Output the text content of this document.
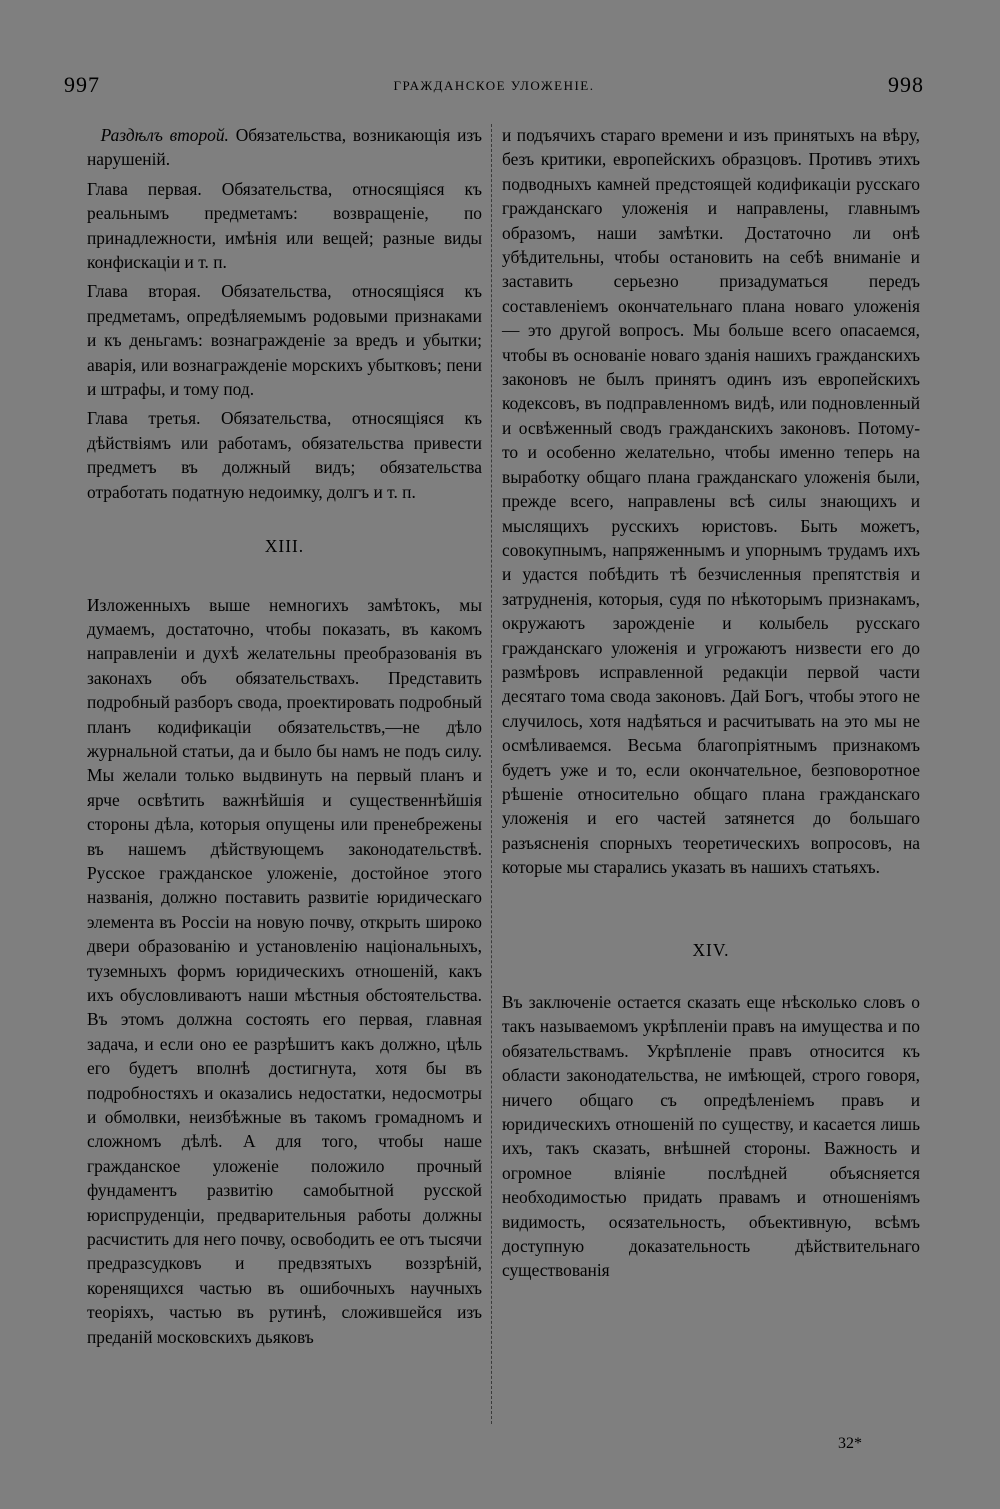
997	ГРАЖДАНСКОЕ УЛОЖЕНІЕ.	998

Раздѣлъ второй. Обязательства, возникающія изъ нарушеній.

Глава первая. Обязательства, относящіяся къ реальнымъ предметамъ: возвращеніе, по принадлежности, имѣнія или вещей; разные виды конфискаціи и т. п.

Глава вторая. Обязательства, относящіяся къ предметамъ, опредѣляемымъ родовыми признаками и къ деньгамъ: вознагражденіе за вредъ и убытки; аварія, или вознагражденіе морскихъ убытковъ; пени и штрафы, и тому под.

Глава третья. Обязательства, относящіяся къ дѣйствіямъ или работамъ, обязательства привести предметъ въ должный видъ; обязательства отработать податную недоимку, долгъ и т. п.

XIII.

Изложенныхъ выше немногихъ замѣтокъ, мы думаемъ, достаточно, чтобы показать, въ какомъ направленіи и духѣ желательны преобразованія въ законахъ объ обязательствахъ. Представить подробный разборъ свода, проектировать подробный планъ кодификаціи обязательствъ,—не дѣло журнальной статьи, да и было бы намъ не подъ силу. Мы желали только выдвинуть на первый планъ и ярче освѣтить важнѣйшія и существеннѣйшія стороны дѣла, которыя опущены или пренебрежены въ нашемъ дѣйствующемъ законодательствѣ. Русское гражданское уложеніе, достойное этого названія, должно поставить развитіе юридическаго элемента въ Россіи на новую почву, открыть широко двери образованію и установленію національныхъ, туземныхъ формъ юридическихъ отношеній, какъ ихъ обусловливаютъ наши мѣстныя обстоятельства. Въ этомъ должна состоять его первая, главная задача, и если оно ее разрѣшитъ какъ должно, цѣль его будетъ вполнѣ достигнута, хотя бы въ подробностяхъ и оказались недостатки, недосмотры и обмолвки, неизбѣжные въ такомъ громадномъ и сложномъ дѣлѣ. А для того, чтобы наше гражданское уложеніе положило прочный фундаментъ развитію самобытной русской юриспруденціи, предварительныя работы должны расчистить для него почву, освободить ее отъ тысячи предразсудковъ и предвзятыхъ воззрѣній, коренящихся частью въ ошибочныхъ научныхъ теоріяхъ, частью въ рутинѣ, сложившейся изъ преданій московскихъ дьяковъ

и подъячихъ стараго времени и изъ принятыхъ на вѣру, безъ критики, европейскихъ образцовъ. Противъ этихъ подводныхъ камней предстоящей кодификаціи русскаго гражданскаго уложенія и направлены, главнымъ образомъ, наши замѣтки. Достаточно ли онѣ убѣдительны, чтобы остановить на себѣ вниманіе и заставить серьезно призадуматься передъ составленіемъ окончательнаго плана новаго уложенія — это другой вопросъ. Мы больше всего опасаемся, чтобы въ основаніе новаго зданія нашихъ гражданскихъ законовъ не былъ принятъ одинъ изъ европейскихъ кодексовъ, въ подправленномъ видѣ, или подновленный и освѣженный сводъ гражданскихъ законовъ. Потому-то и особенно желательно, чтобы именно теперь на выработку общаго плана гражданскаго уложенія были, прежде всего, направлены всѣ силы знающихъ и мыслящихъ русскихъ юристовъ. Быть можетъ, совокупнымъ, напряженнымъ и упорнымъ трудамъ ихъ и удастся побѣдить тѣ безчисленныя препятствія и затрудненія, которыя, судя по нѣкоторымъ признакамъ, окружаютъ зарожденіе и колыбель русскаго гражданскаго уложенія и угрожаютъ низвести его до размѣровъ исправленной редакціи первой части десятаго тома свода законовъ. Дай Богъ, чтобы этого не случилось, хотя надѣяться и расчитывать на это мы не осмѣливаемся. Весьма благопріятнымъ признакомъ будетъ уже и то, если окончательное, безповоротное рѣшеніе относительно общаго плана гражданскаго уложенія и его частей затянется до большаго разъясненія спорныхъ теоретическихъ вопросовъ, на которые мы старались указать въ нашихъ статьяхъ.

XIV.

Въ заключеніе остается сказать еще нѣсколько словъ о такъ называемомъ укрѣпленіи правъ на имущества и по обязательствамъ. Укрѣпленіе правъ относится къ области законодательства, не имѣющей, строго говоря, ничего общаго съ опредѣленіемъ правъ и юридическихъ отношеній по существу, и касается лишь ихъ, такъ сказать, внѣшней стороны. Важность и огромное вліяніе послѣдней объясняется необходимостью придать правамъ и отношеніямъ видимость, осязательность, объективную, всѣмъ доступную доказательность дѣйствительнаго существованія

32*
